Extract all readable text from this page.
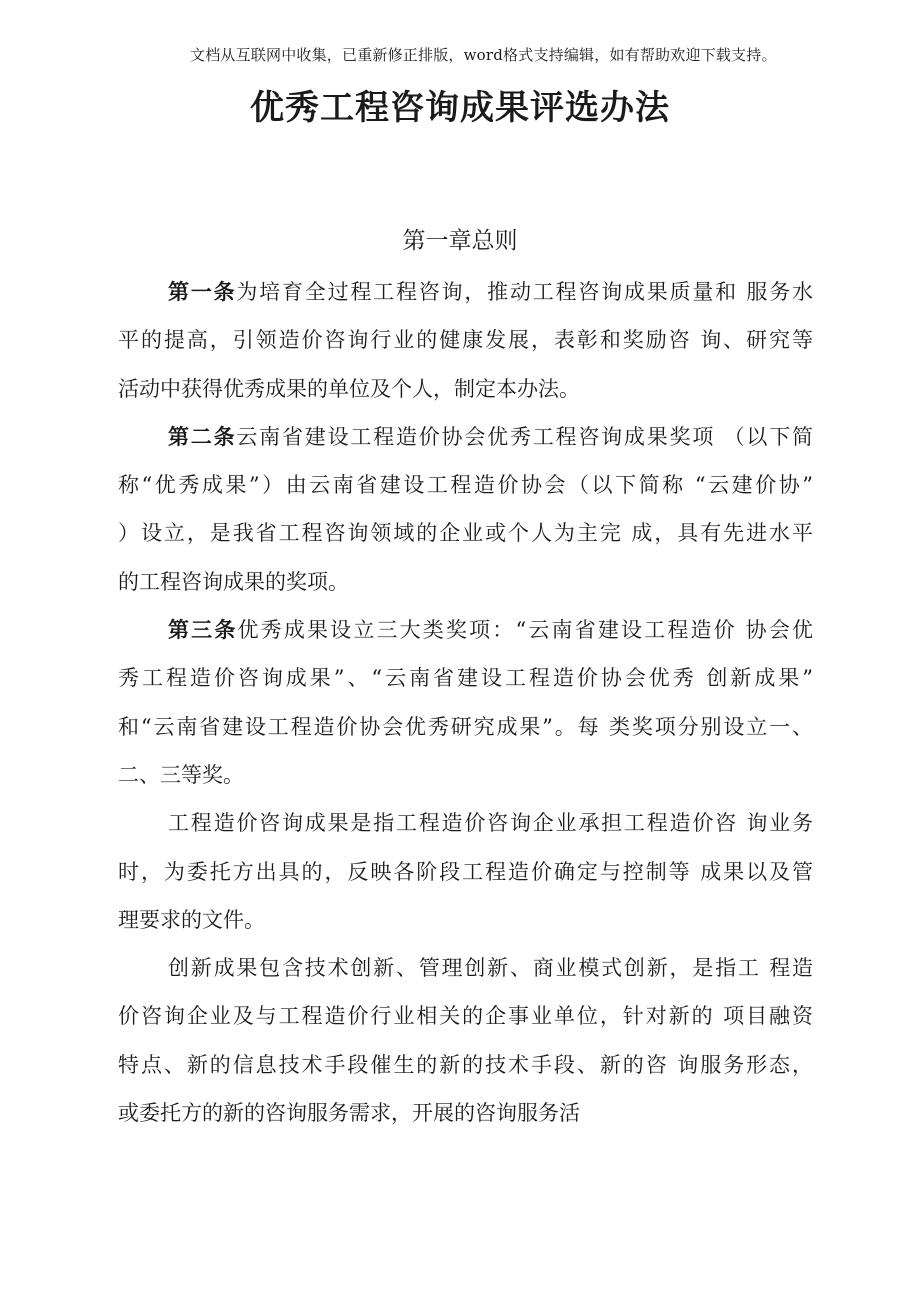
文档从互联网中收集，已重新修正排版，word格式支持编辑，如有帮助欢迎下载支持。
优秀工程咨询成果评选办法
第一章总则
第一条为培育全过程工程咨询，推动工程咨询成果质量和 服务水
平的提高，引领造价咨询行业的健康发展，表彰和奖励咨 询、研究等
活动中获得优秀成果的单位及个人，制定本办法。
第二条云南省建设工程造价协会优秀工程咨询成果奖项 （以下简
称“优秀成果”）由云南省建设工程造价协会（以下简称 “云建价协”
）设立，是我省工程咨询领域的企业或个人为主完 成，具有先进水平
的工程咨询成果的奖项。
第三条优秀成果设立三大类奖项：“云南省建设工程造价 协会优
秀工程造价咨询成果”、“云南省建设工程造价协会优秀 创新成果”
和“云南省建设工程造价协会优秀研究成果”。每 类奖项分别设立一、
二、三等奖。
工程造价咨询成果是指工程造价咨询企业承担工程造价咨 询业务
时，为委托方出具的，反映各阶段工程造价确定与控制等 成果以及管
理要求的文件。
创新成果包含技术创新、管理创新、商业模式创新，是指工 程造
价咨询企业及与工程造价行业相关的企事业单位，针对新的 项目融资
特点、新的信息技术手段催生的新的技术手段、新的咨 询服务形态，
或委托方的新的咨询服务需求，开展的咨询服务活
